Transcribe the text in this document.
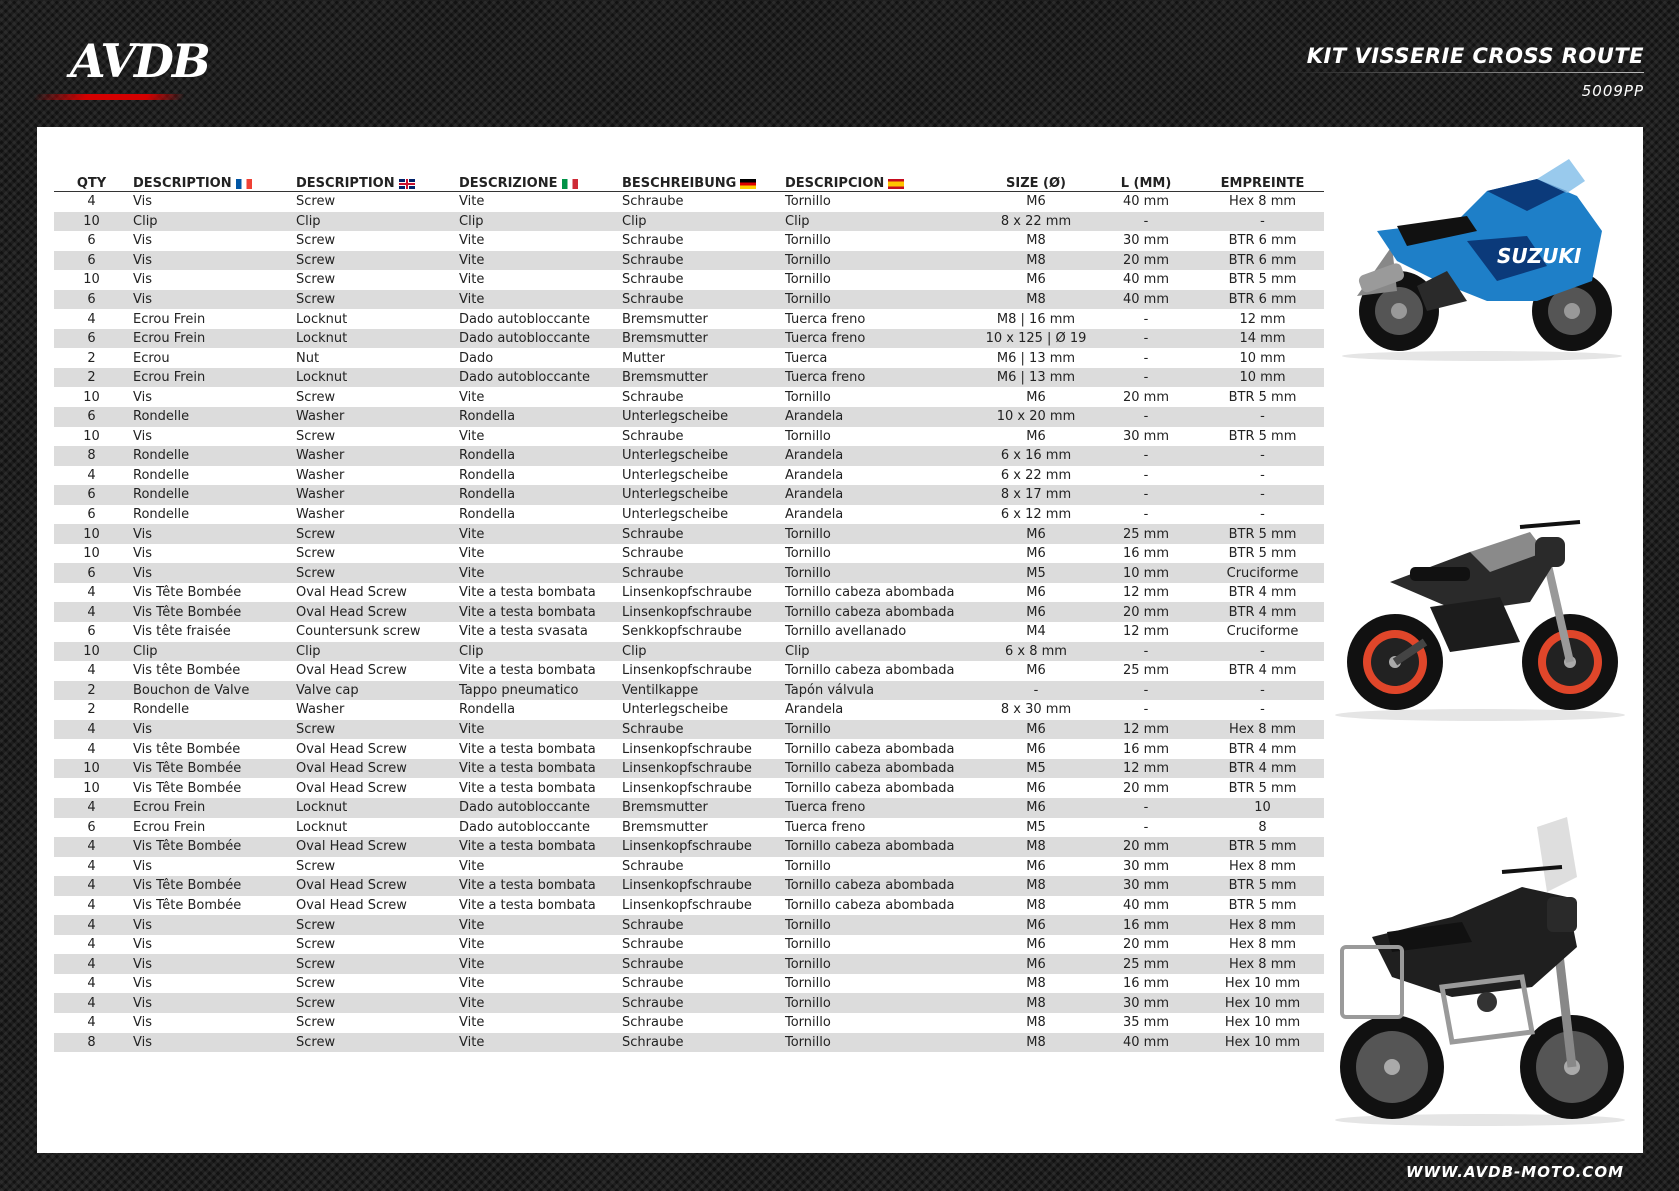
AVDB	KIT VISSERIE CROSS ROUTE
5009PP
QTY	DESCRIPTION	DESCRIPTION	DESCRIZIONE	BESCHREIBUNG	DESCRIPCION	SIZE (Ø)	L (MM)	EMPREINTE
4	Vis	Screw	Vite	Schraube	Tornillo	M6	40 mm	Hex 8 mm
10	Clip	Clip	Clip	Clip	Clip	8 x 22 mm	-	-
6	Vis	Screw	Vite	Schraube	Tornillo	M8	30 mm	BTR 6 mm
6	Vis	Screw	Vite	Schraube	Tornillo	M8	20 mm	BTR 6 mm
10	Vis	Screw	Vite	Schraube	Tornillo	M6	40 mm	BTR 5 mm
6	Vis	Screw	Vite	Schraube	Tornillo	M8	40 mm	BTR 6 mm
4	Ecrou Frein	Locknut	Dado autobloccante	Bremsmutter	Tuerca freno	M8 | 16 mm	-	12 mm
6	Ecrou Frein	Locknut	Dado autobloccante	Bremsmutter	Tuerca freno	10 x 125 | Ø 19	-	14 mm
2	Ecrou	Nut	Dado	Mutter	Tuerca	M6 | 13 mm	-	10 mm
2	Ecrou Frein	Locknut	Dado autobloccante	Bremsmutter	Tuerca freno	M6 | 13 mm	-	10 mm
10	Vis	Screw	Vite	Schraube	Tornillo	M6	20 mm	BTR 5 mm
6	Rondelle	Washer	Rondella	Unterlegscheibe	Arandela	10 x 20 mm	-	-
10	Vis	Screw	Vite	Schraube	Tornillo	M6	30 mm	BTR 5 mm
8	Rondelle	Washer	Rondella	Unterlegscheibe	Arandela	6 x 16 mm	-	-
4	Rondelle	Washer	Rondella	Unterlegscheibe	Arandela	6 x 22 mm	-	-
6	Rondelle	Washer	Rondella	Unterlegscheibe	Arandela	8 x 17 mm	-	-
6	Rondelle	Washer	Rondella	Unterlegscheibe	Arandela	6 x 12 mm	-	-
10	Vis	Screw	Vite	Schraube	Tornillo	M6	25 mm	BTR 5 mm
10	Vis	Screw	Vite	Schraube	Tornillo	M6	16 mm	BTR 5 mm
6	Vis	Screw	Vite	Schraube	Tornillo	M5	10 mm	Cruciforme
4	Vis Tête Bombée	Oval Head Screw	Vite a testa bombata	Linsenkopfschraube	Tornillo cabeza abombada	M6	12 mm	BTR 4 mm
4	Vis Tête Bombée	Oval Head Screw	Vite a testa bombata	Linsenkopfschraube	Tornillo cabeza abombada	M6	20 mm	BTR 4 mm
6	Vis tête fraisée	Countersunk screw	Vite a testa svasata	Senkkopfschraube	Tornillo avellanado	M4	12 mm	Cruciforme
10	Clip	Clip	Clip	Clip	Clip	6 x 8 mm	-	-
4	Vis tête Bombée	Oval Head Screw	Vite a testa bombata	Linsenkopfschraube	Tornillo cabeza abombada	M6	25 mm	BTR 4 mm
2	Bouchon de Valve	Valve cap	Tappo pneumatico	Ventilkappe	Tapón válvula	-	-	-
2	Rondelle	Washer	Rondella	Unterlegscheibe	Arandela	8 x 30 mm	-	-
4	Vis	Screw	Vite	Schraube	Tornillo	M6	12 mm	Hex 8 mm
4	Vis tête Bombée	Oval Head Screw	Vite a testa bombata	Linsenkopfschraube	Tornillo cabeza abombada	M6	16 mm	BTR 4 mm
10	Vis Tête Bombée	Oval Head Screw	Vite a testa bombata	Linsenkopfschraube	Tornillo cabeza abombada	M5	12 mm	BTR 4 mm
10	Vis Tête Bombée	Oval Head Screw	Vite a testa bombata	Linsenkopfschraube	Tornillo cabeza abombada	M6	20 mm	BTR 5 mm
4	Ecrou Frein	Locknut	Dado autobloccante	Bremsmutter	Tuerca freno	M6	-	10
6	Ecrou Frein	Locknut	Dado autobloccante	Bremsmutter	Tuerca freno	M5	-	8
4	Vis Tête Bombée	Oval Head Screw	Vite a testa bombata	Linsenkopfschraube	Tornillo cabeza abombada	M8	20 mm	BTR 5 mm
4	Vis	Screw	Vite	Schraube	Tornillo	M6	30 mm	Hex 8 mm
4	Vis Tête Bombée	Oval Head Screw	Vite a testa bombata	Linsenkopfschraube	Tornillo cabeza abombada	M8	30 mm	BTR 5 mm
4	Vis Tête Bombée	Oval Head Screw	Vite a testa bombata	Linsenkopfschraube	Tornillo cabeza abombada	M8	40 mm	BTR 5 mm
4	Vis	Screw	Vite	Schraube	Tornillo	M6	16 mm	Hex 8 mm
4	Vis	Screw	Vite	Schraube	Tornillo	M6	20 mm	Hex 8 mm
4	Vis	Screw	Vite	Schraube	Tornillo	M6	25 mm	Hex 8 mm
4	Vis	Screw	Vite	Schraube	Tornillo	M8	16 mm	Hex 10 mm
4	Vis	Screw	Vite	Schraube	Tornillo	M8	30 mm	Hex 10 mm
4	Vis	Screw	Vite	Schraube	Tornillo	M8	35 mm	Hex 10 mm
8	Vis	Screw	Vite	Schraube	Tornillo	M8	40 mm	Hex 10 mm
SUZUKI
WWW.AVDB-MOTO.COM
